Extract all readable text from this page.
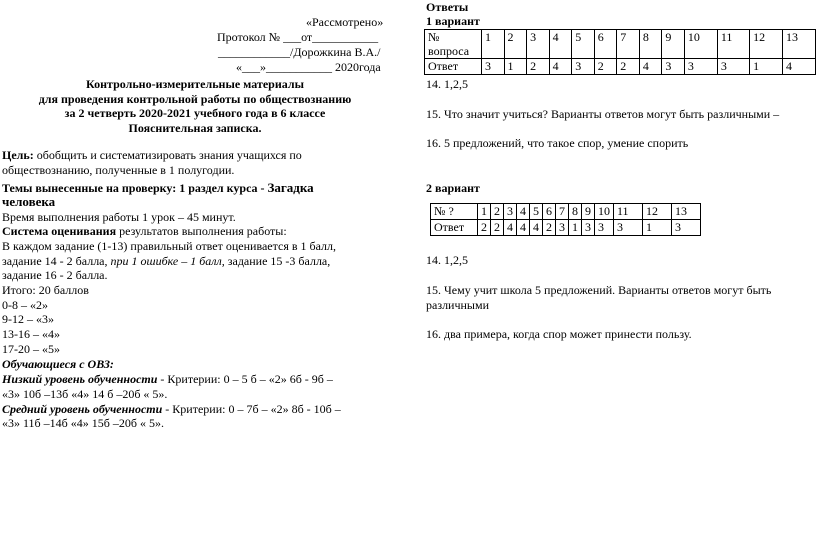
«Рассмотрено»
Протокол № ___от___________
____________/Дорожкина В.А./
«___»___________ 2020года
Контрольно-измерительные материалы
для проведения контрольной работы по обществознанию
за 2 четверть 2020-2021 учебного года в 6 классе
Пояснительная записка.
Цель: обобщить и систематизировать знания учащихся по
обществознанию, полученные в 1 полугодии.
Темы вынесенные на проверку: 1 раздел курса - Загадка
человека
Время выполнения работы 1 урок – 45 минут.
Система оценивания результатов выполнения работы:
В каждом задание (1-13) правильный ответ оценивается в 1 балл,
задание 14 - 2 балла, при 1 ошибке – 1 балл, задание 15 -3 балла,
задание 16 - 2 балла.
Итого: 20 баллов
0-8 – «2»
9-12 – «3»
13-16 – «4»
17-20 – «5»
Обучающиеся с ОВЗ:
Низкий уровень обученности - Критерии: 0 – 5 б – «2» 6б - 9б –
«3» 10б –13б «4» 14 б –20б « 5».
Средний уровень обученности - Критерии: 0 – 7б – «2» 8б - 10б –
«3» 11б –14б «4» 15б –20б « 5».
Ответы
1 вариант
№
вопроса	1	2	3	4	5	6	7	8	9	10	11	12	13
Ответ	3	1	2	4	3	2	2	4	3	3	3	1	4
14. 1,2,5
15. Что значит учиться? Варианты ответов могут быть различными –
16. 5 предложений, что такое спор, умение спорить
2 вариант
№ ?	1	2	3	4	5	6	7	8	9	10	11	12	13
Ответ	2	2	4	4	4	2	3	1	3	3	3	1	3
14. 1,2,5
15. Чему учит школа 5 предложений. Варианты ответов могут быть
различными
16. два примера, когда спор может принести пользу.
